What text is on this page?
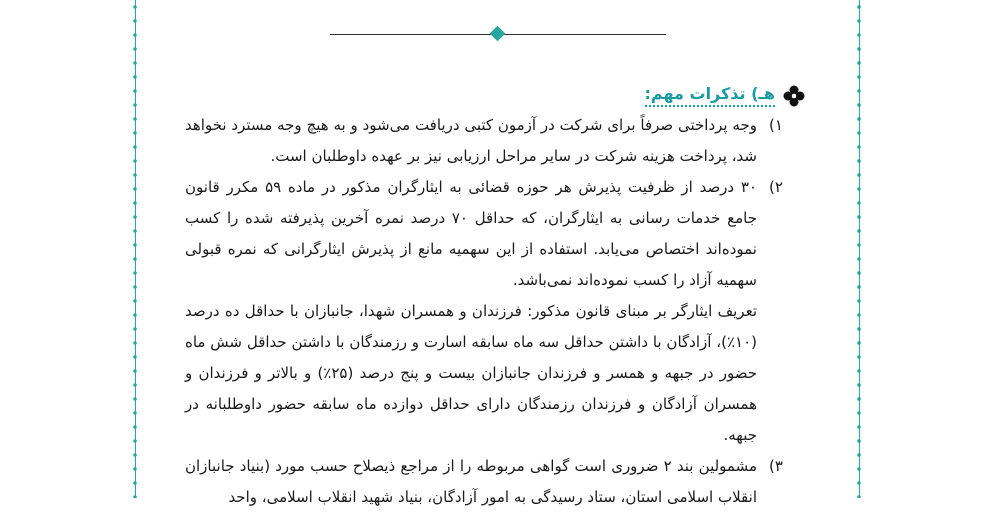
هـ) تذکرات مهم:
۱)

وجه پرداختی صرفاً برای شرکت در آزمون کتبی دریافت می‌شود و به هیچ وجه مسترد نخواهد شد، پرداخت هزینه شرکت در سایر مراحل ارزیابی نیز بر عهده داوطلبان است.

۲)

۳۰ درصد از ظرفیت پذیرش هر حوزه قضائی به ایثارگران مذکور در ماده ۵۹ مکرر قانون جامع خدمات رسانی به ایثارگران، که حداقل ۷۰ درصد نمره آخرین پذیرفته شده را کسب نموده‌اند اختصاص می‌یابد. استفاده از این سهمیه مانع از پذیرش ایثارگرانی که نمره قبولی سهمیه آزاد را کسب نموده‌اند نمی‌باشد.

تعریف ایثارگر بر مبنای قانون مذکور: فرزندان و همسران شهدا، جانبازان با حداقل ده درصد (۱۰٪)، آزادگان با داشتن حداقل سه ماه سابقه اسارت و رزمندگان با داشتن حداقل شش ماه حضور در جبهه و همسر و فرزندان جانبازان بیست و پنج درصد (۲۵٪) و بالاتر و فرزندان و همسران آزادگان و فرزندان رزمندگان دارای حداقل دوازده ماه سابقه حضور داوطلبانه در جبهه.

۳)

مشمولین بند ۲ ضروری است گواهی مربوطه را از مراجع ذیصلاح حسب مورد (بنیاد جانبازان انقلاب اسلامی استان، ستاد رسیدگی به امور آزادگان، بنیاد شهید انقلاب اسلامی، واحد
